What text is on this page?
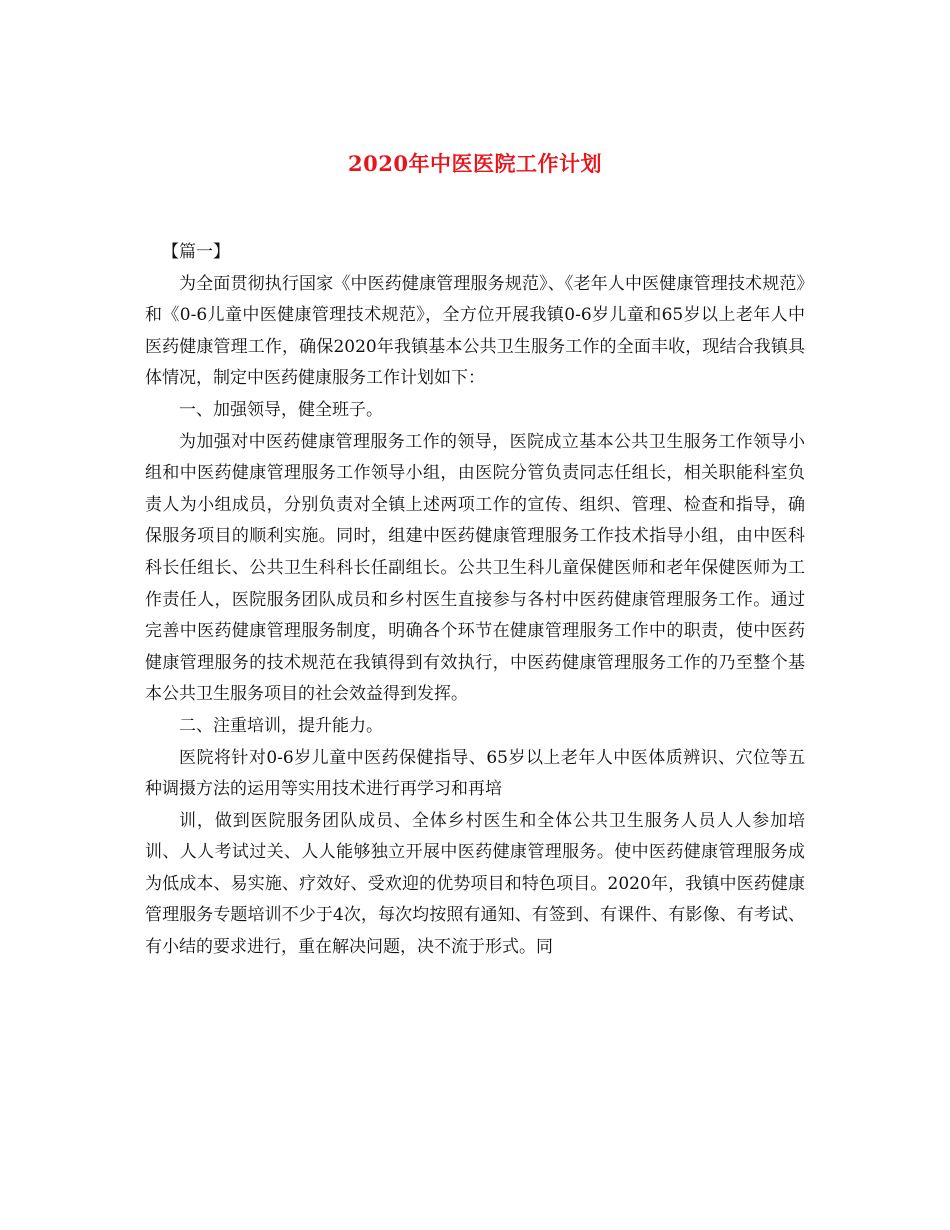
2020年中医医院工作计划

【篇一】

为全面贯彻执行国家《中医药健康管理服务规范》、《老年人中医健康管理技术规范》和《0-6儿童中医健康管理技术规范》，全方位开展我镇0-6岁儿童和65岁以上老年人中医药健康管理工作，确保2020年我镇基本公共卫生服务工作的全面丰收，现结合我镇具体情况，制定中医药健康服务工作计划如下：

一、加强领导，健全班子。

为加强对中医药健康管理服务工作的领导，医院成立基本公共卫生服务工作领导小组和中医药健康管理服务工作领导小组，由医院分管负责同志任组长，相关职能科室负责人为小组成员，分别负责对全镇上述两项工作的宣传、组织、管理、检查和指导，确保服务项目的顺利实施。同时，组建中医药健康管理服务工作技术指导小组，由中医科科长任组长、公共卫生科科长任副组长。公共卫生科儿童保健医师和老年保健医师为工作责任人，医院服务团队成员和乡村医生直接参与各村中医药健康管理服务工作。通过完善中医药健康管理服务制度，明确各个环节在健康管理服务工作中的职责，使中医药健康管理服务的技术规范在我镇得到有效执行，中医药健康管理服务工作的乃至整个基本公共卫生服务项目的社会效益得到发挥。

二、注重培训，提升能力。

医院将针对0-6岁儿童中医药保健指导、65岁以上老年人中医体质辨识、穴位等五种调摄方法的运用等实用技术进行再学习和再培

训，做到医院服务团队成员、全体乡村医生和全体公共卫生服务人员人人参加培训、人人考试过关、人人能够独立开展中医药健康管理服务。使中医药健康管理服务成为低成本、易实施、疗效好、受欢迎的优势项目和特色项目。2020年，我镇中医药健康管理服务专题培训不少于4次，每次均按照有通知、有签到、有课件、有影像、有考试、有小结的要求进行，重在解决问题，决不流于形式。同
